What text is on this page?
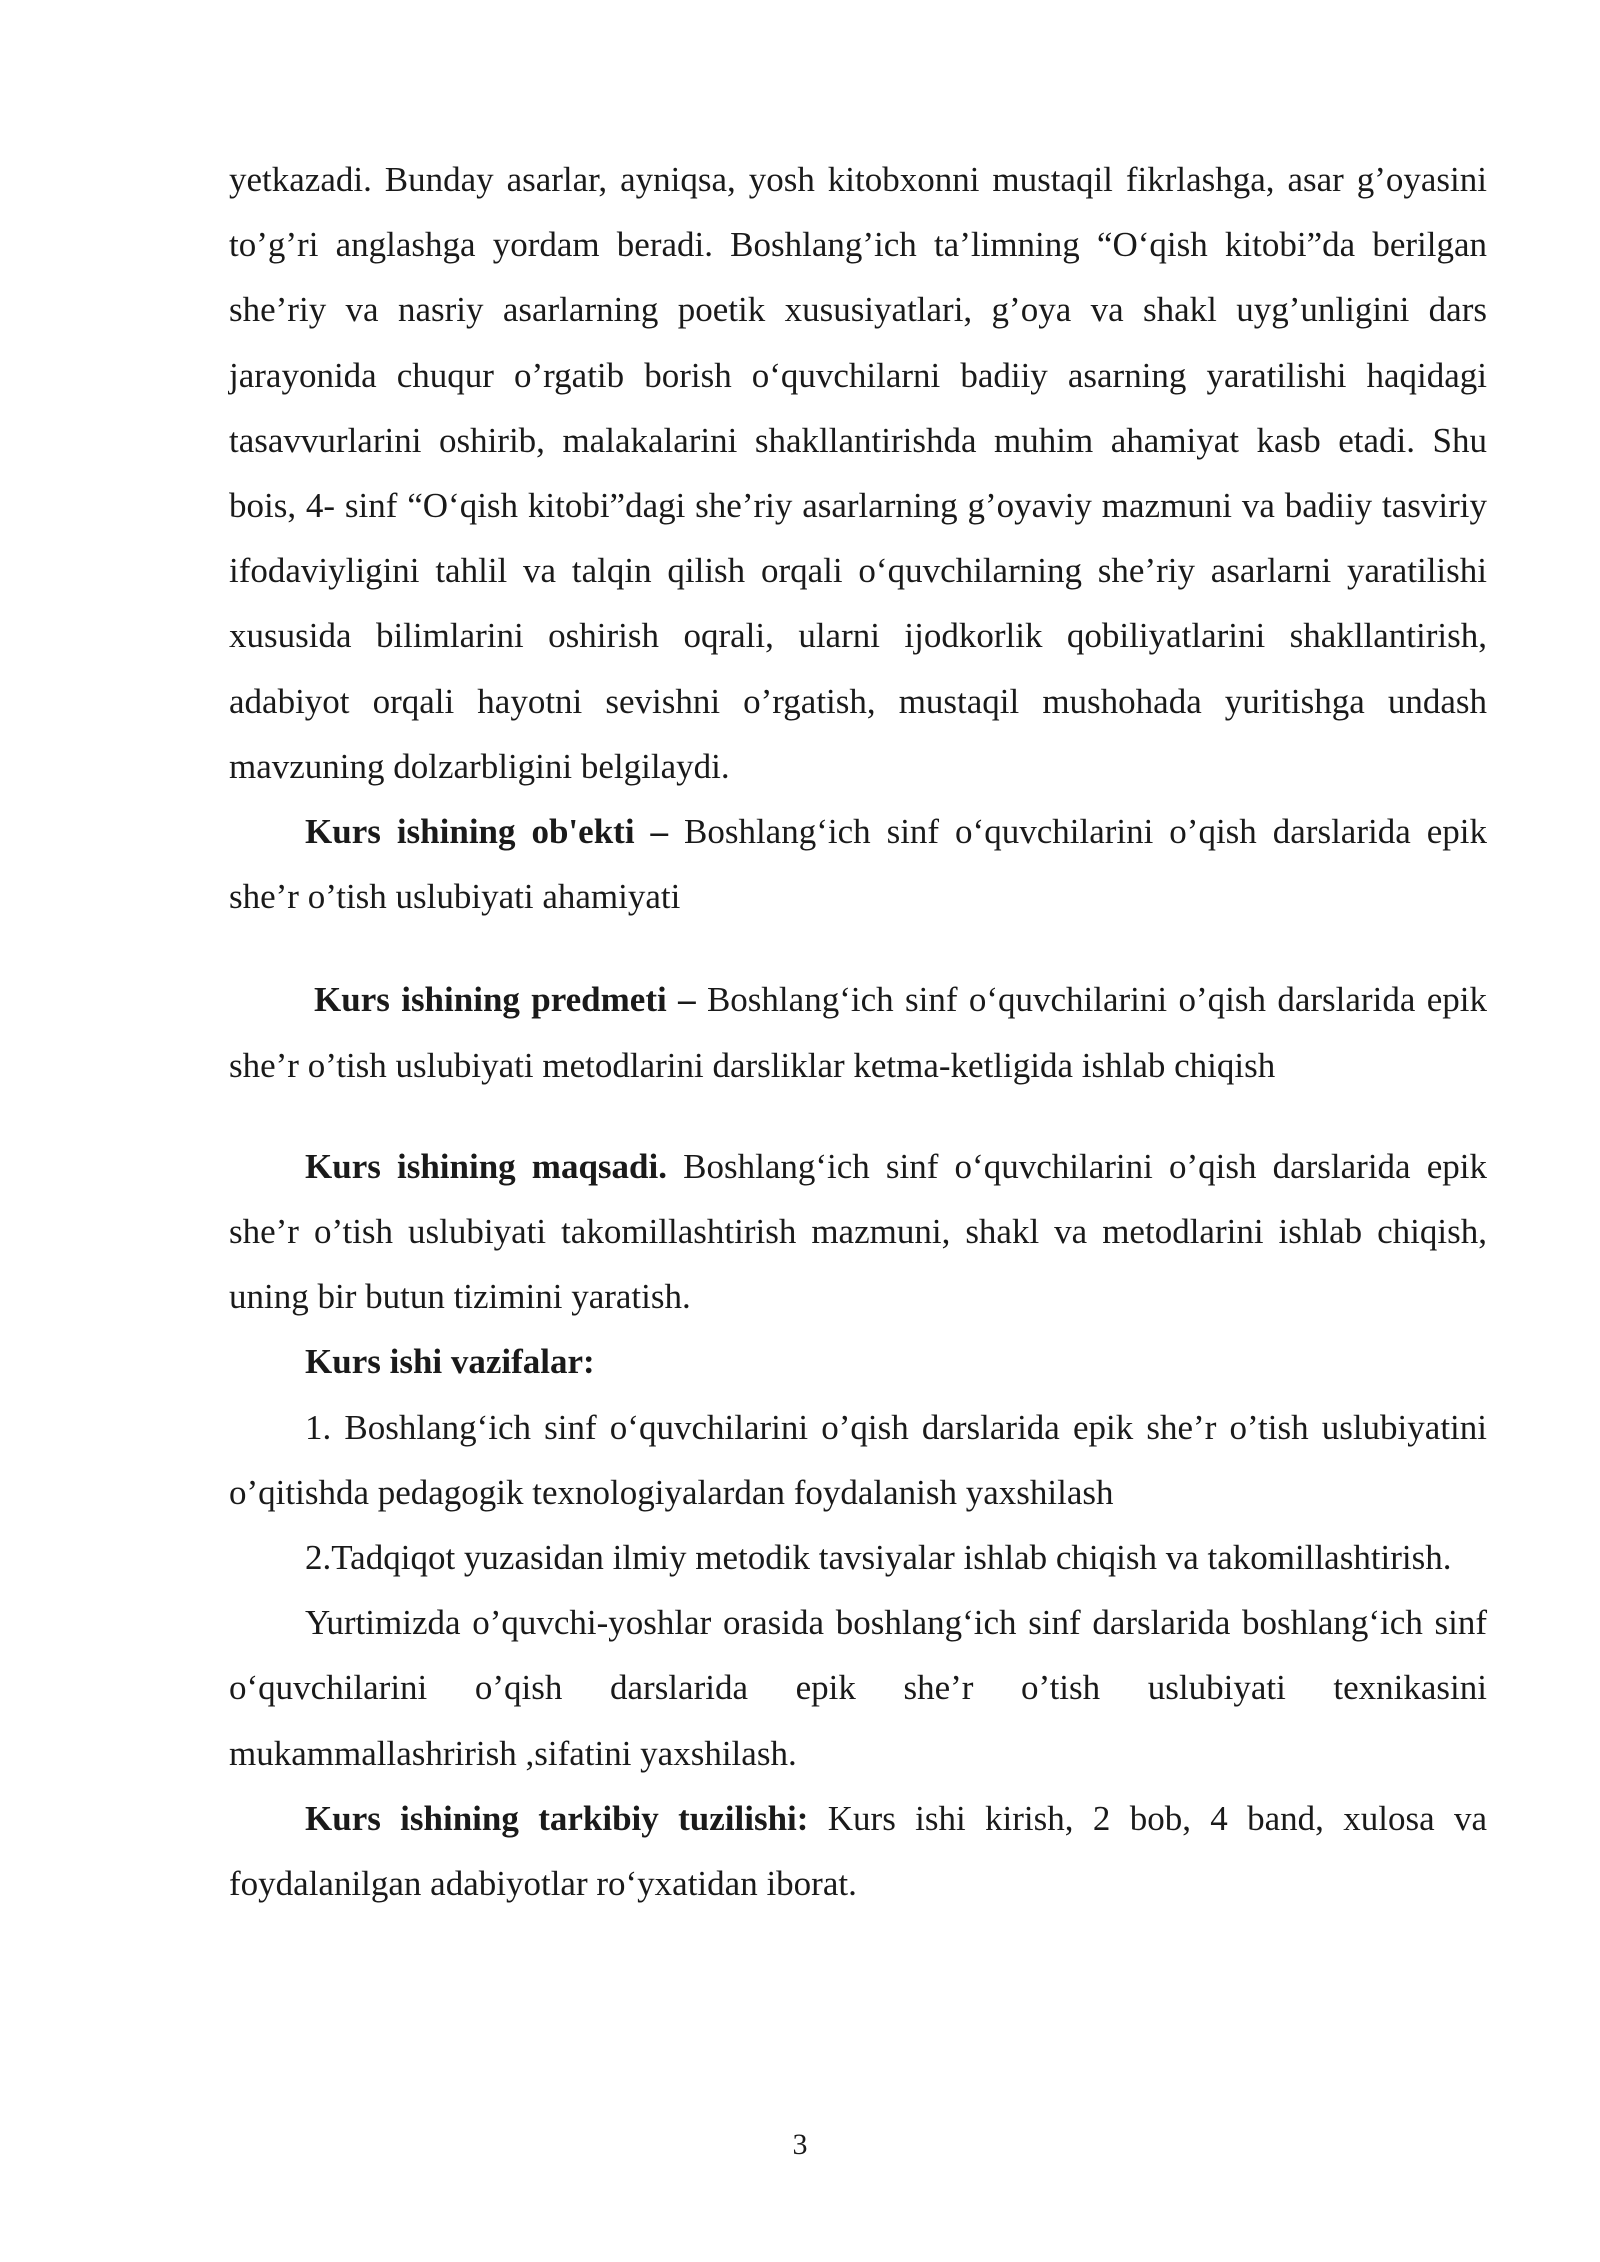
yetkazadi. Bunday asarlar, ayniqsa, yosh kitobxonni mustaqil fikrlashga, asar g’oyasini to’g’ri anglashga yordam beradi. Boshlang’ich ta’limning “O‘qish kitobi”da berilgan she’riy va nasriy asarlarning poetik xususiyatlari, g’oya va shakl uyg’unligini dars jarayonida chuqur o’rgatib borish o‘quvchilarni badiiy asarning yaratilishi haqidagi tasavvurlarini oshirib, malakalarini shakllantirishda muhim ahamiyat kasb etadi. Shu bois, 4- sinf “O‘qish kitobi”dagi she’riy asarlarning g’oyaviy mazmuni va badiiy tasviriy ifodaviyligini tahlil va talqin qilish orqali o‘quvchilarning she’riy asarlarni yaratilishi xususida bilimlarini oshirish oqrali, ularni ijodkorlik qobiliyatlarini shakllantirish, adabiyot orqali hayotni sevishni o’rgatish, mustaqil mushohada yuritishga undash mavzuning dolzarbligini belgilaydi.

Kurs ishining ob'ekti – Boshlang‘ich sinf o‘quvchilarini o’qish darslarida epik she’r o’tish uslubiyati ahamiyati

Kurs ishining predmeti – Boshlang‘ich sinf o‘quvchilarini o’qish darslarida epik she’r o’tish uslubiyati metodlarini darsliklar ketma-ketligida ishlab chiqish

Kurs ishining maqsadi. Boshlang‘ich sinf o‘quvchilarini o’qish darslarida epik she’r o’tish uslubiyati takomillashtirish mazmuni, shakl va metodlarini ishlab chiqish, uning bir butun tizimini yaratish.

Kurs ishi vazifalar:

1. Boshlang‘ich sinf o‘quvchilarini o’qish darslarida epik she’r o’tish uslubiyatini o’qitishda pedagogik texnologiyalardan foydalanish yaxshilash

2.Tadqiqot yuzasidan ilmiy metodik tavsiyalar ishlab chiqish va takomillashtirish.

Yurtimizda o’quvchi-yoshlar orasida boshlang‘ich sinf darslarida boshlang‘ich sinf o‘quvchilarini o’qish darslarida epik she’r o’tish uslubiyati texnikasini mukammallashrirish ,sifatini yaxshilash.

Kurs ishining tarkibiy tuzilishi: Kurs ishi kirish, 2 bob, 4 band, xulosa va foydalanilgan adabiyotlar ro‘yxatidan iborat.

3
